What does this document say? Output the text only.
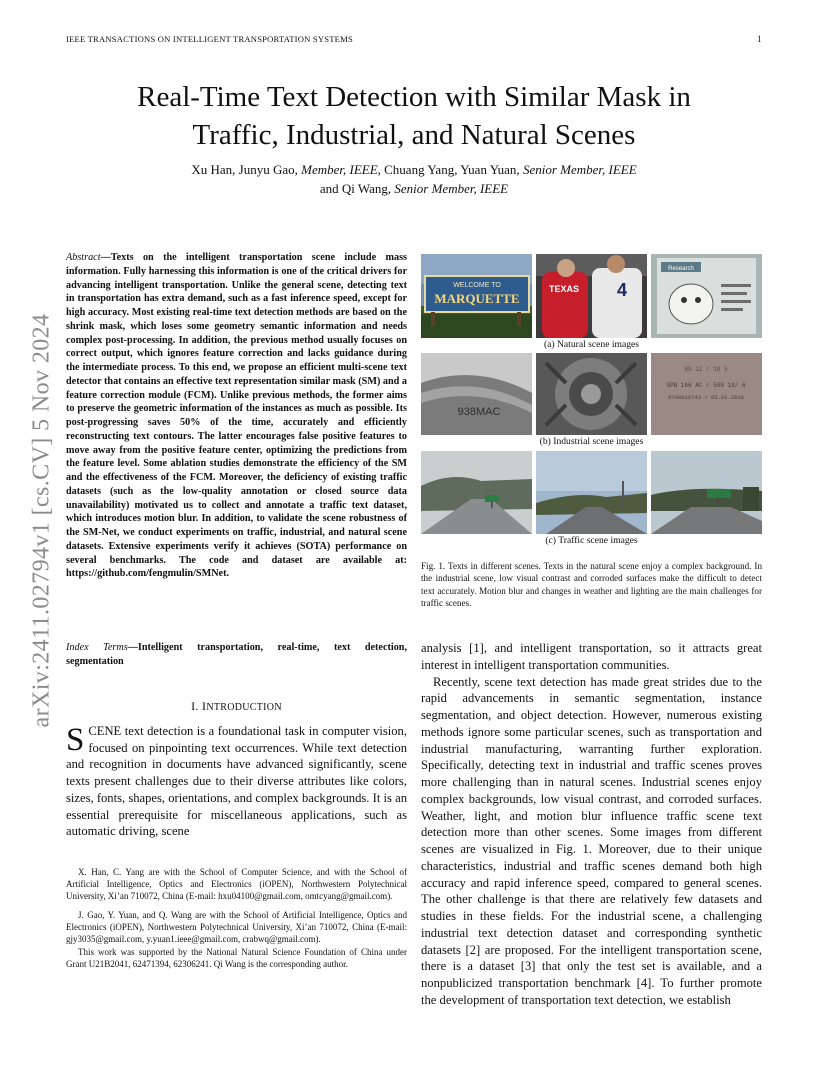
IEEE TRANSACTIONS ON INTELLIGENT TRANSPORTATION SYSTEMS	1
arXiv:2411.02794v1 [cs.CV] 5 Nov 2024
Real-Time Text Detection with Similar Mask in
Traffic, Industrial, and Natural Scenes
Xu Han, Junyu Gao, Member, IEEE, Chuang Yang, Yuan Yuan, Senior Member, IEEE
and Qi Wang, Senior Member, IEEE
Abstract—Texts on the intelligent transportation scene include mass information. Fully harnessing this information is one of the critical drivers for advancing intelligent transportation. Unlike the general scene, detecting text in transportation has extra demand, such as a fast inference speed, except for high accuracy. Most existing real-time text detection methods are based on the shrink mask, which loses some geometry semantic information and needs complex post-processing. In addition, the previous method usually focuses on correct output, which ignores feature correction and lacks guidance during the intermediate process. To this end, we propose an efficient multi-scene text detector that contains an effective text representation similar mask (SM) and a feature correction module (FCM). Unlike previous methods, the former aims to preserve the geometric information of the instances as much as possible. Its post-progressing saves 50% of the time, accurately and efficiently reconstructing text contours. The latter encourages false positive features to move away from the positive feature center, optimizing the predictions from the feature level. Some ablation studies demonstrate the efficiency of the SM and the effectiveness of the FCM. Moreover, the deficiency of existing traffic datasets (such as the low-quality annotation or closed source data unavailability) motivated us to collect and annotate a traffic text dataset, which introduces motion blur. In addition, to validate the scene robustness of the SM-Net, we conduct experiments on traffic, industrial, and natural scene datasets. Extensive experiments verify it achieves (SOTA) performance on several benchmarks. The code and dataset are available at: https://github.com/fengmulin/SMNet.
Index Terms—Intelligent transportation, real-time, text detection, segmentation
I. INTRODUCTION
SCENE text detection is a foundational task in computer vision, focused on pinpointing text occurrences. While text detection and recognition in documents have advanced significantly, scene texts present challenges due to their diverse attributes like colors, sizes, fonts, shapes, orientations, and complex backgrounds. It is an essential prerequisite for miscellaneous applications, such as automatic driving, scene

X. Han, C. Yang are with the School of Computer Science, and with the School of Artificial Intelligence, Optics and Electronics (iOPEN), Northwestern Polytechnical University, Xi’an 710072, China (E-mail: hxu04100@gmail.com, omtcyang@gmail.com).

J. Gao, Y. Yuan, and Q. Wang are with the School of Artificial Intelligence, Optics and Electronics (iOPEN), Northwestern Polytechnical University, Xi’an 710072, China (E-mail: gjy3035@gmail.com, y.yuan1.ieee@gmail.com, crabwq@gmail.com).

This work was supported by the National Natural Science Foundation of China under Grant U21B2041, 62471394, 62306241. Qi Wang is the corresponding author.

WELCOME TO
MARQUETTE
TEXAS 4
Research
(a) Natural scene images
938MAC
89 12 / 10 5
SPB 166 AC / 500 18/ 6
9700016743 / 03.02.2018
(b) Industrial scene images
(c) Traffic scene images
Fig. 1. Texts in different scenes. Texts in the natural scene enjoy a complex background. In the industrial scene, low visual contrast and corroded surfaces make the difficult to detect text accurately. Motion blur and changes in weather and lighting are the main challenges for traffic scenes.

analysis [1], and intelligent transportation, so it attracts great interest in intelligent transportation communities.

Recently, scene text detection has made great strides due to the rapid advancements in semantic segmentation, instance segmentation, and object detection. However, numerous existing methods ignore some particular scenes, such as transportation and industrial manufacturing, warranting further exploration. Specifically, detecting text in industrial and traffic scenes proves more challenging than in natural scenes. Industrial scenes enjoy complex backgrounds, low visual contrast, and corroded surfaces. Weather, light, and motion blur influence traffic scene text detection more than other scenes. Some images from different scenes are visualized in Fig. 1. Moreover, due to their unique characteristics, industrial and traffic scenes demand both high accuracy and rapid inference speed, compared to general scenes. The other challenge is that there are relatively few datasets and studies in these fields. For the industrial scene, a challenging industrial text detection dataset and corresponding synthetic datasets [2] are proposed. For the intelligent transportation scene, there is a dataset [3] that only the test set is available, and a nonpublicized transportation benchmark [4]. To further promote the development of transportation text detection, we establish
